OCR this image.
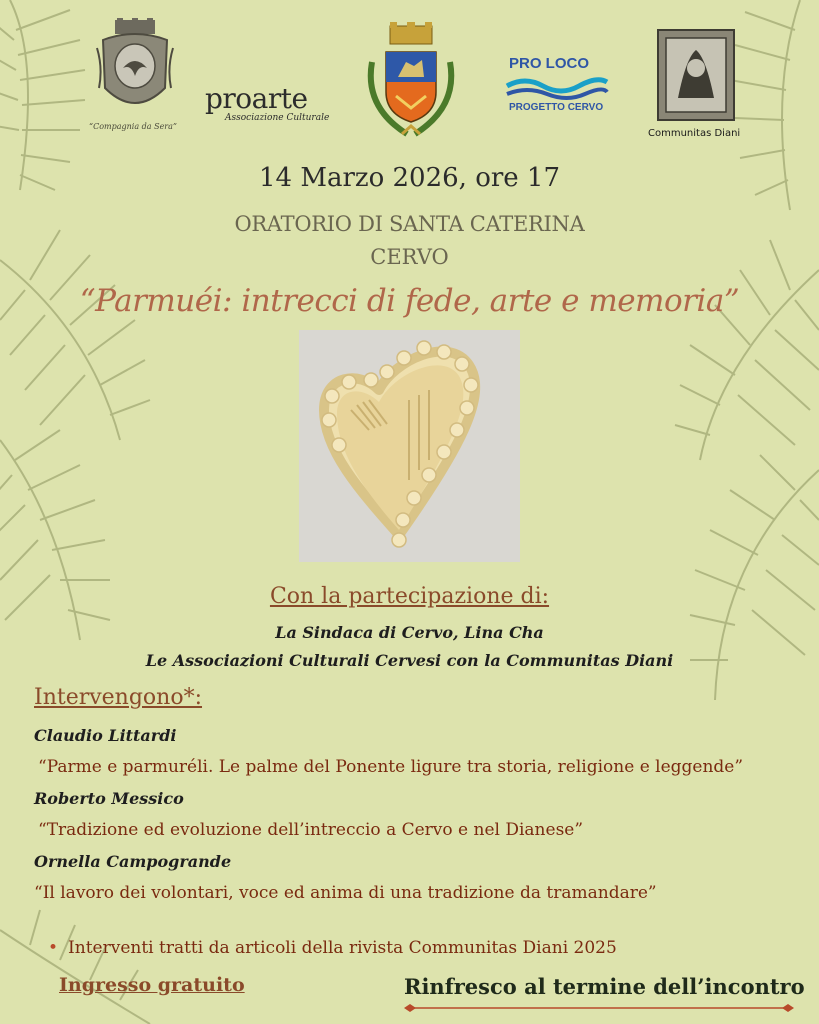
“Compagnia da Sera”
proarte
Associazione Culturale
PRO LOCO
PROGETTO CERVO
Communitas Diani
14 Marzo 2026, ore 17
ORATORIO DI SANTA CATERINA
CERVO
“Parmuéi: intrecci di fede, arte e memoria”
Con la partecipazione di:
La Sindaca di Cervo, Lina Cha
Le Associazioni Culturali Cervesi con la Communitas Diani
Intervengono*:
Claudio Littardi
“Parme e parmuréli. Le palme del Ponente ligure tra storia, religione e leggende”
Roberto Messico
“Tradizione ed evoluzione dell’intreccio a Cervo e nel Dianese”
Ornella Campogrande
“Il lavoro dei volontari, voce ed anima di una tradizione da tramandare”
• Interventi tratti da articoli della rivista Communitas Diani 2025
Ingresso gratuito	Rinfresco al termine dell’incontro
